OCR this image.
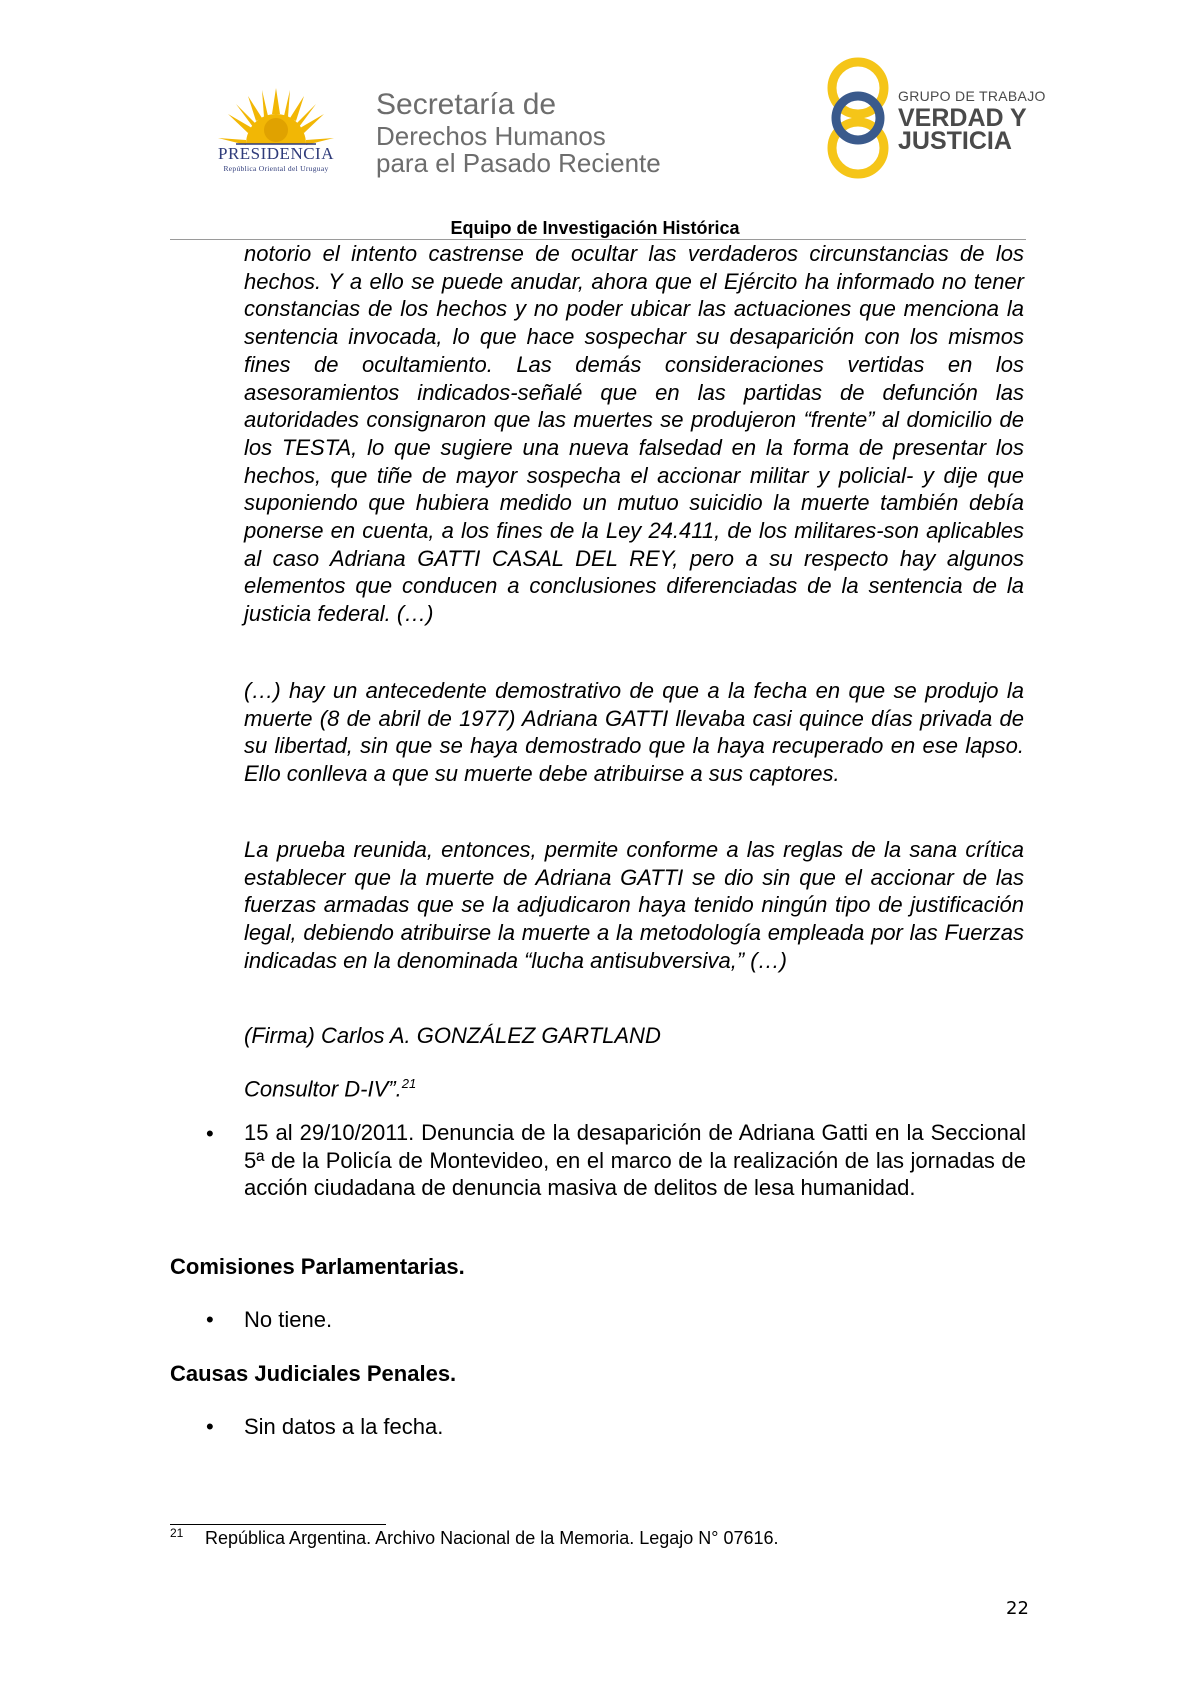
PRESIDENCIA
República Oriental del Uruguay
Secretaría de
Derechos Humanos
para el Pasado Reciente
GRUPO DE TRABAJO
VERDAD Y
JUSTICIA
Equipo de Investigación Histórica
notorio el intento castrense de ocultar las verdaderos circunstancias de los hechos. Y a ello se puede anudar, ahora que el Ejército ha informado no tener constancias de los hechos y no poder ubicar las actuaciones que menciona la sentencia invocada, lo que hace sospechar su desaparición con los mismos fines de ocultamiento. Las demás consideraciones vertidas en los asesoramientos indicados-señalé que en las partidas de defunción las autoridades consignaron que las muertes se produjeron “frente” al domicilio de los TESTA, lo que sugiere una nueva falsedad en la forma de presentar los hechos, que tiñe de mayor sospecha el accionar militar y policial- y dije que suponiendo que hubiera medido un mutuo suicidio la muerte también debía ponerse en cuenta, a los fines de la Ley 24.411, de los militares-son aplicables al caso Adriana GATTI CASAL DEL REY, pero a su respecto hay algunos elementos que conducen a conclusiones diferenciadas de la sentencia de la justicia federal. (…)
(…) hay un antecedente demostrativo de que a la fecha en que se produjo la muerte (8 de abril de 1977) Adriana GATTI llevaba casi quince días privada de su libertad, sin que se haya demostrado que la haya recuperado en ese lapso. Ello conlleva a que su muerte debe atribuirse a sus captores.
La prueba reunida, entonces, permite conforme a las reglas de la sana crítica establecer que la muerte de Adriana GATTI se dio sin que el accionar de las fuerzas armadas que se la adjudicaron haya tenido ningún tipo de justificación legal, debiendo atribuirse la muerte a la metodología empleada por las Fuerzas indicadas en la denominada “lucha antisubversiva,” (…)
(Firma) Carlos A. GONZÁLEZ GARTLAND
Consultor D-IV”.$^{21}$
• 15 al 29/10/2011. Denuncia de la desaparición de Adriana Gatti en la Seccional 5ª de la Policía de Montevideo, en el marco de la realización de las jornadas de acción ciudadana de denuncia masiva de delitos de lesa humanidad.
Comisiones Parlamentarias.
• No tiene.
Causas Judiciales Penales.
• Sin datos a la fecha.
21 República Argentina. Archivo Nacional de la Memoria. Legajo N° 07616.
22
